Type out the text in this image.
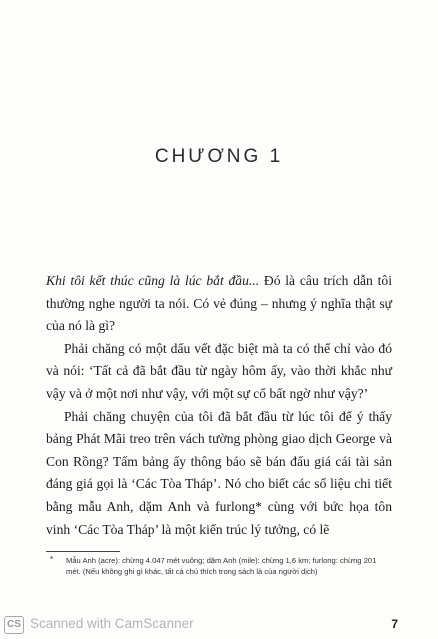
CHƯƠNG 1

Khi tôi kết thúc cũng là lúc bắt đầu... Đó là câu trích dẫn tôi thường nghe người ta nói. Có vẻ đúng – nhưng ý nghĩa thật sự của nó là gì?

Phải chăng có một dấu vết đặc biệt mà ta có thể chỉ vào đó và nói: ‘Tất cả đã bắt đầu từ ngày hôm ấy, vào thời khắc như vậy và ở một nơi như vậy, với một sự cố bất ngờ như vậy?’

Phải chăng chuyện của tôi đã bắt đầu từ lúc tôi để ý thấy bảng Phát Mãi treo trên vách tường phòng giao dịch George và Con Rồng? Tấm bảng ấy thông báo sẽ bán đấu giá cái tài sản đáng giá gọi là ‘Các Tòa Tháp’. Nó cho biết các số liệu chi tiết bằng mẫu Anh, dặm Anh và furlong* cùng với bức họa tôn vinh ‘Các Tòa Tháp’ là một kiến trúc lý tưởng, có lẽ

* Mẫu Anh (acre): chừng 4.047 mét vuông; dặm Anh (mile): chừng 1,6 km; furlong: chừng 201 mét. (Nếu không ghi gì khác, tất cả chú thích trong sách là của người dịch)
CS Scanned with CamScanner	7
